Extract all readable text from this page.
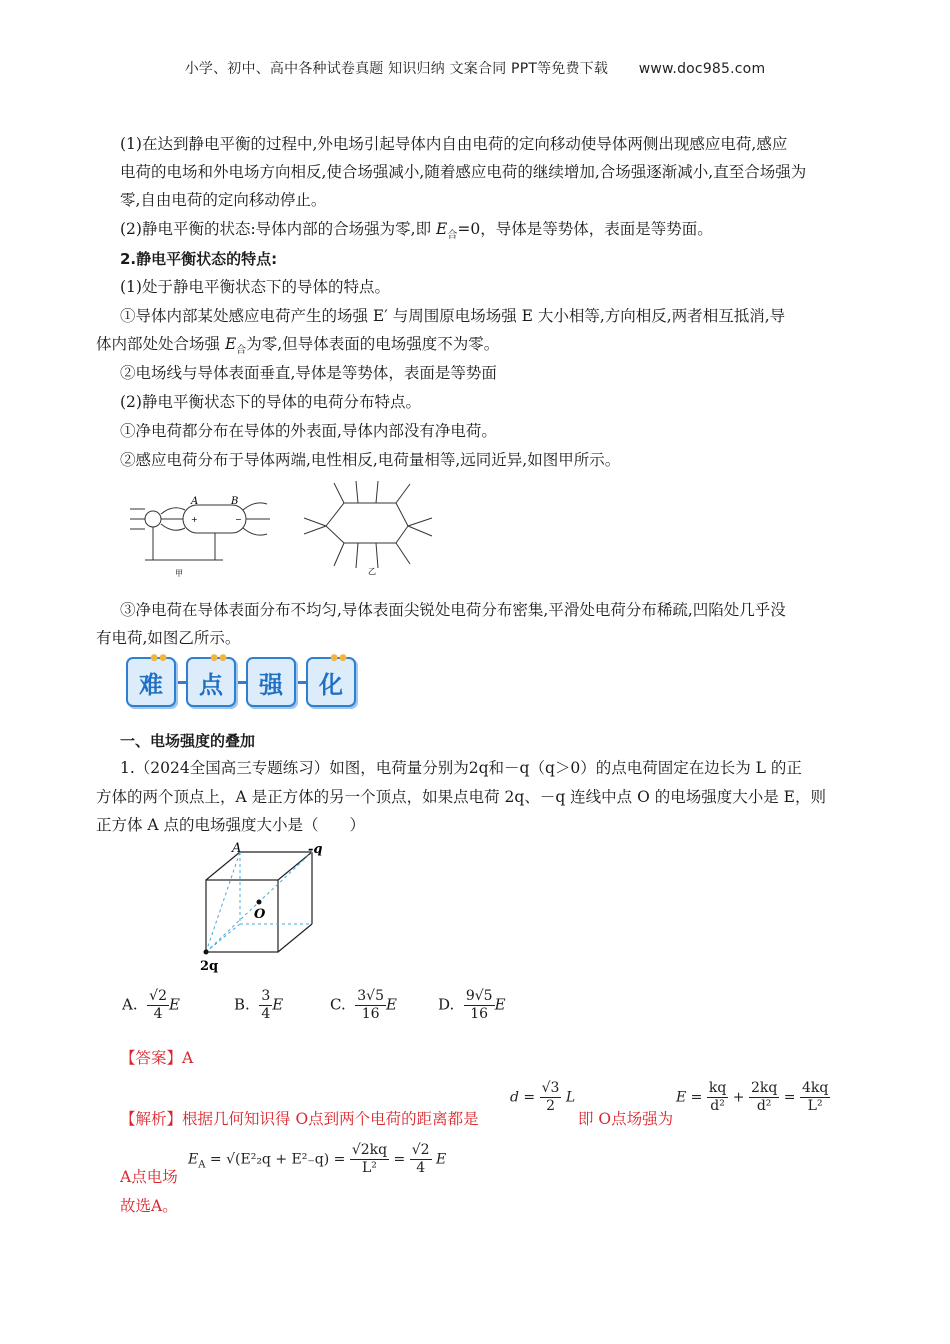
小学、初中、高中各种试卷真题 知识归纳 文案合同 PPT等免费下载 www.doc985.com
(1)在达到静电平衡的过程中,外电场引起导体内自由电荷的定向移动使导体两侧出现感应电荷,感应
电荷的电场和外电场方向相反,使合场强减小,随着感应电荷的继续增加,合场强逐渐减小,直至合场强为
零,自由电荷的定向移动停止。
(2)静电平衡的状态:导体内部的合场强为零,即 $E_合=0$，导体是等势体，表面是等势面。
2.静电平衡状态的特点:
(1)处于静电平衡状态下的导体的特点。
①导体内部某处感应电荷产生的场强 E′ 与周围原电场场强 E 大小相等,方向相反,两者相互抵消,导
体内部处处合场强 $E_合$为零,但导体表面的电场强度不为零。
②电场线与导体表面垂直,导体是等势体，表面是等势面
(2)静电平衡状态下的导体的电荷分布特点。
①净电荷都分布在导体的外表面,导体内部没有净电荷。
②感应电荷分布于导体两端,电性相反,电荷量相等,远同近异,如图甲所示。
A	B
+	−
甲	乙
③净电荷在导体表面分布不均匀,导体表面尖锐处电荷分布密集,平滑处电荷分布稀疏,凹陷处几乎没
有电荷,如图乙所示。
●●
难
●●
点 强
●●
化
一、电场强度的叠加
1.（2024全国高三专题练习）如图，电荷量分别为2q和－q（q＞0）的点电荷固定在边长为 L 的正
方体的两个顶点上，A 是正方体的另一个顶点，如果点电荷 2q、－q 连线中点 O 的电场强度大小是 E，则
正方体 A 点的电场强度大小是（　　）
A	-q
O
2q
A. $\frac{√2}{4}$ E	B. $\frac{3}{4}$ E	C. $\frac{3√5}{16}$ E	D. $\frac{9√5}{16}$ E
【答案】A
【解析】根据几何知识得 O点到两个电荷的距离都是
$d = \frac{√3}{2}$ L
即 O点场强为
$E = \frac{kq}{\text{d²}} + \frac{2kq}{\text{d²}} = \frac{4kq}{\text{L²}}$
A点电场
$E_A = √(E^2_2q + E^2_-q) = \frac{√2kq}{\text{L²}} = \frac{√2}{4}$ E
故选A。
